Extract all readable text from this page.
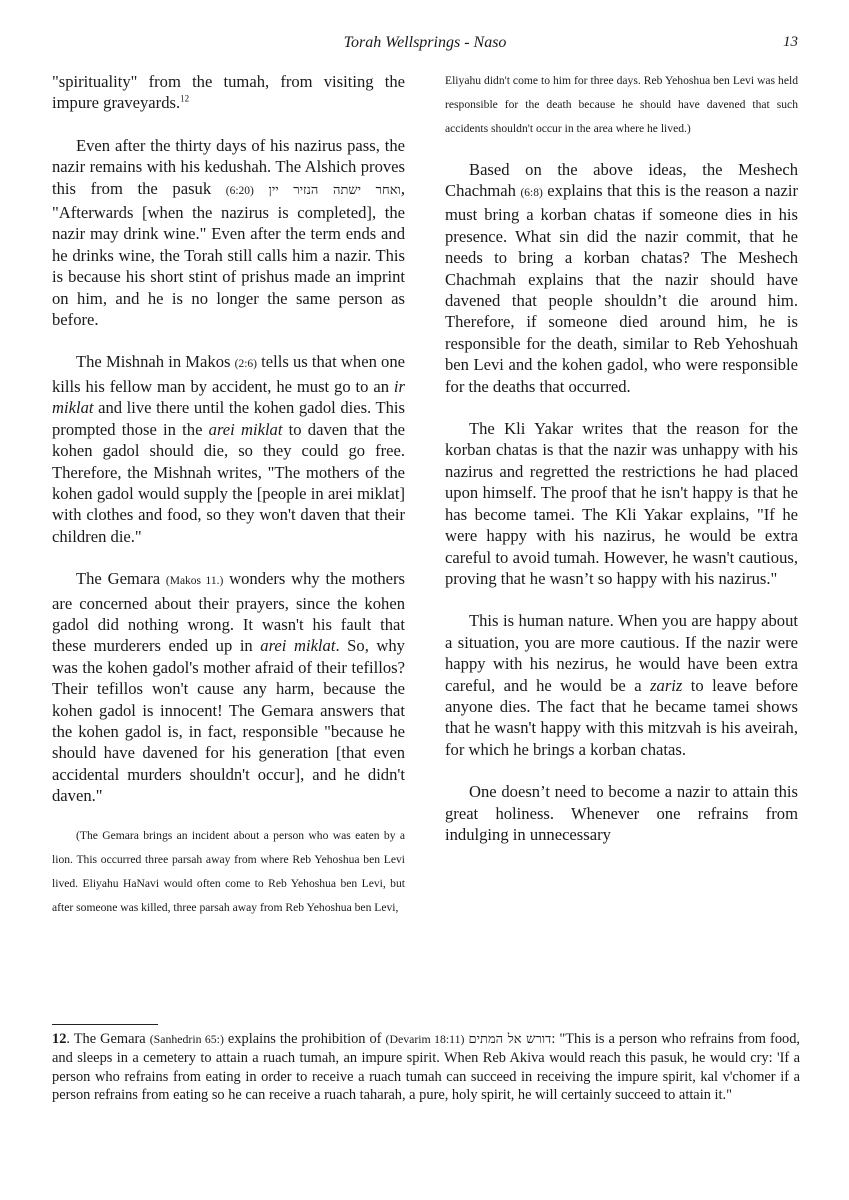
Torah Wellsprings - Naso	13

"spirituality" from the tumah, from visiting the impure graveyards.$^{12}$

Even after the thirty days of his nazirus pass, the nazir remains with his kedushah. The Alshich proves this from the pasuk (6:20) ואחר ישתה הנזיר יין, "Afterwards [when the nazirus is completed], the nazir may drink wine." Even after the term ends and he drinks wine, the Torah still calls him a nazir. This is because his short stint of prishus made an imprint on him, and he is no longer the same person as before.

The Mishnah in Makos (2:6) tells us that when one kills his fellow man by accident, he must go to an ir miklat and live there until the kohen gadol dies. This prompted those in the arei miklat to daven that the kohen gadol should die, so they could go free. Therefore, the Mishnah writes, "The mothers of the kohen gadol would supply the [people in arei miklat] with clothes and food, so they won't daven that their children die."

The Gemara (Makos 11.) wonders why the mothers are concerned about their prayers, since the kohen gadol did nothing wrong. It wasn't his fault that these murderers ended up in arei miklat. So, why was the kohen gadol's mother afraid of their tefillos? Their tefillos won't cause any harm, because the kohen gadol is innocent! The Gemara answers that the kohen gadol is, in fact, responsible "because he should have davened for his generation [that even accidental murders shouldn't occur], and he didn't daven."

(The Gemara brings an incident about a person who was eaten by a lion. This occurred three parsah away from where Reb Yehoshua ben Levi lived. Eliyahu HaNavi would often come to Reb Yehoshua ben Levi, but after someone was killed, three parsah away from Reb Yehoshua ben Levi,

Eliyahu didn't come to him for three days. Reb Yehoshua ben Levi was held responsible for the death because he should have davened that such accidents shouldn't occur in the area where he lived.)

Based on the above ideas, the Meshech Chachmah (6:8) explains that this is the reason a nazir must bring a korban chatas if someone dies in his presence. What sin did the nazir commit, that he needs to bring a korban chatas? The Meshech Chachmah explains that the nazir should have davened that people shouldn’t die around him. Therefore, if someone died around him, he is responsible for the death, similar to Reb Yehoshuah ben Levi and the kohen gadol, who were responsible for the deaths that occurred.

The Kli Yakar writes that the reason for the korban chatas is that the nazir was unhappy with his nazirus and regretted the restrictions he had placed upon himself. The proof that he isn't happy is that he has become tamei. The Kli Yakar explains, "If he were happy with his nazirus, he would be extra careful to avoid tumah. However, he wasn't cautious, proving that he wasn’t so happy with his nazirus."

This is human nature. When you are happy about a situation, you are more cautious. If the nazir were happy with his nezirus, he would have been extra careful, and he would be a zariz to leave before anyone dies. The fact that he became tamei shows that he wasn't happy with this mitzvah is his aveirah, for which he brings a korban chatas.

One doesn’t need to become a nazir to attain this great holiness. Whenever one refrains from indulging in unnecessary

12. The Gemara (Sanhedrin 65:) explains the prohibition of (Devarim 18:11) דורש אל המתים: "This is a person who refrains from food, and sleeps in a cemetery to attain a ruach tumah, an impure spirit. When Reb Akiva would reach this pasuk, he would cry: 'If a person who refrains from eating in order to receive a ruach tumah can succeed in receiving the impure spirit, kal v'chomer if a person refrains from eating so he can receive a ruach taharah, a pure, holy spirit, he will certainly succeed to attain it."
